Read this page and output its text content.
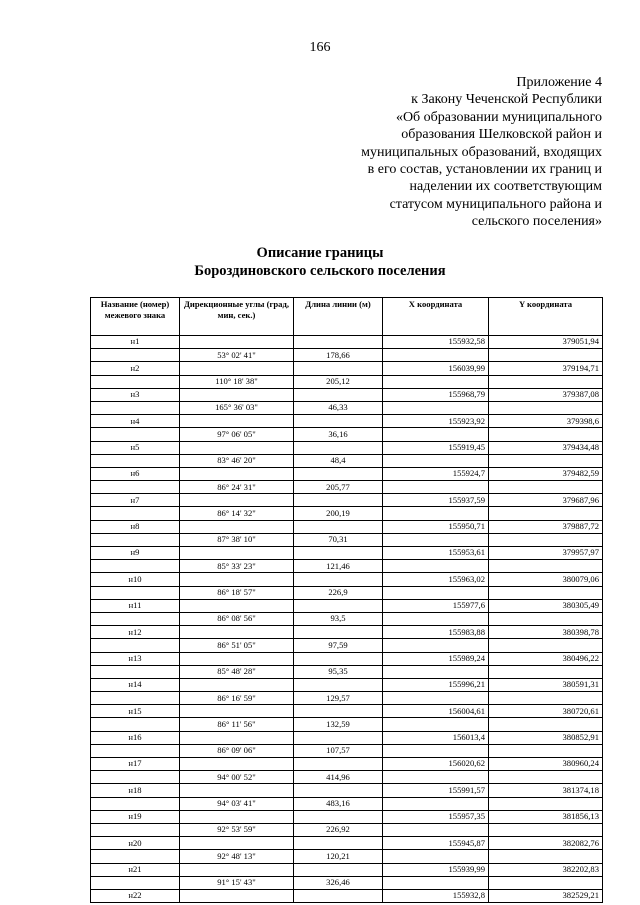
166
Приложение 4
к Закону Чеченской Республики
«Об образовании муниципального
образования Шелковской район и
муниципальных образований, входящих
в его состав, установлении их границ и
наделении их соответствующим
статусом муниципального района и
сельского поселения»
Описание границы
Бороздиновского сельского поселения
Название (номер) межевого знака	Дирекционные углы (град, мин, сек.)	Длина линии (м)	X координата	Y координата
н1			155932,58	379051,94
	53° 02' 41"	178,66		
н2			156039,99	379194,71
	110° 18' 38"	205,12		
н3			155968,79	379387,08
	165° 36' 03"	46,33		
н4			155923,92	379398,6
	97° 06' 05"	36,16		
н5			155919,45	379434,48
	83° 46' 20"	48,4		
н6			155924,7	379482,59
	86° 24' 31"	205,77		
н7			155937,59	379687,96
	86° 14' 32"	200,19		
н8			155950,71	379887,72
	87° 38' 10"	70,31		
н9			155953,61	379957,97
	85° 33' 23"	121,46		
н10			155963,02	380079,06
	86° 18' 57"	226,9		
н11			155977,6	380305,49
	86° 08' 56"	93,5		
н12			155983,88	380398,78
	86° 51' 05"	97,59		
н13			155989,24	380496,22
	85° 48' 28"	95,35		
н14			155996,21	380591,31
	86° 16' 59"	129,57		
н15			156004,61	380720,61
	86° 11' 56"	132,59		
н16			156013,4	380852,91
	86° 09' 06"	107,57		
н17			156020,62	380960,24
	94° 00' 52"	414,96		
н18			155991,57	381374,18
	94° 03' 41"	483,16		
н19			155957,35	381856,13
	92° 53' 59"	226,92		
н20			155945,87	382082,76
	92° 48' 13"	120,21		
н21			155939,99	382202,83
	91° 15' 43"	326,46		
н22			155932,8	382529,21
